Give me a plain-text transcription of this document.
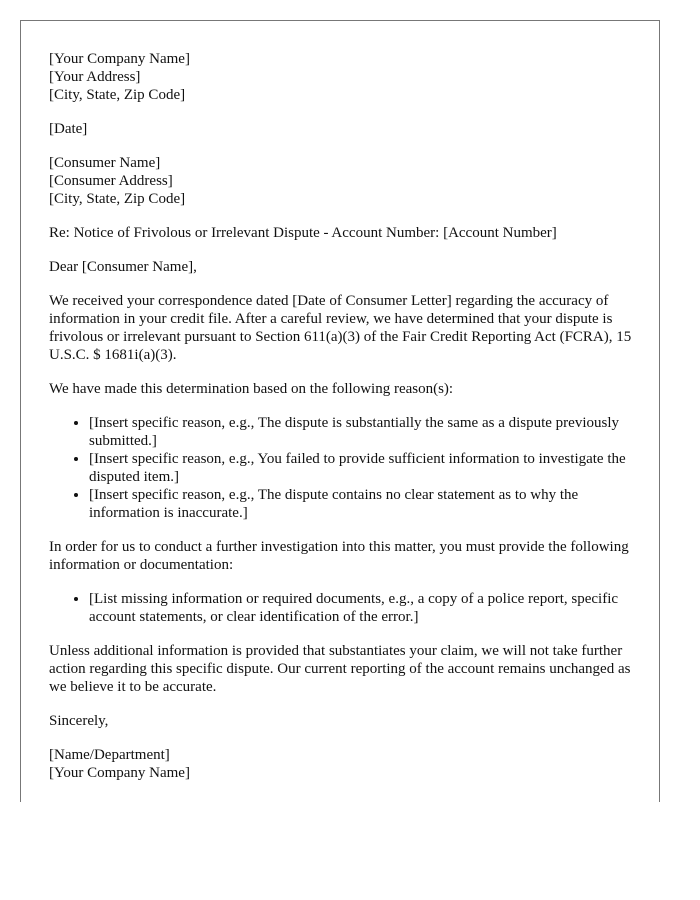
[Your Company Name]
[Your Address]
[City, State, Zip Code]
[Date]
[Consumer Name]
[Consumer Address]
[City, State, Zip Code]

Re: Notice of Frivolous or Irrelevant Dispute - Account Number: [Account Number]

Dear [Consumer Name],

We received your correspondence dated [Date of Consumer Letter] regarding the accuracy of information in your credit file. After a careful review, we have determined that your dispute is frivolous or irrelevant pursuant to Section 611(a)(3) of the Fair Credit Reporting Act (FCRA), 15 U.S.C. $ 1681i(a)(3).

We have made this determination based on the following reason(s):

• [Insert specific reason, e.g., The dispute is substantially the same as a dispute previously submitted.]
• [Insert specific reason, e.g., You failed to provide sufficient information to investigate the disputed item.]
• [Insert specific reason, e.g., The dispute contains no clear statement as to why the information is inaccurate.]

In order for us to conduct a further investigation into this matter, you must provide the following information or documentation:

• [List missing information or required documents, e.g., a copy of a police report, specific account statements, or clear identification of the error.]

Unless additional information is provided that substantiates your claim, we will not take further action regarding this specific dispute. Our current reporting of the account remains unchanged as we believe it to be accurate.

Sincerely,

[Name/Department]
[Your Company Name]
